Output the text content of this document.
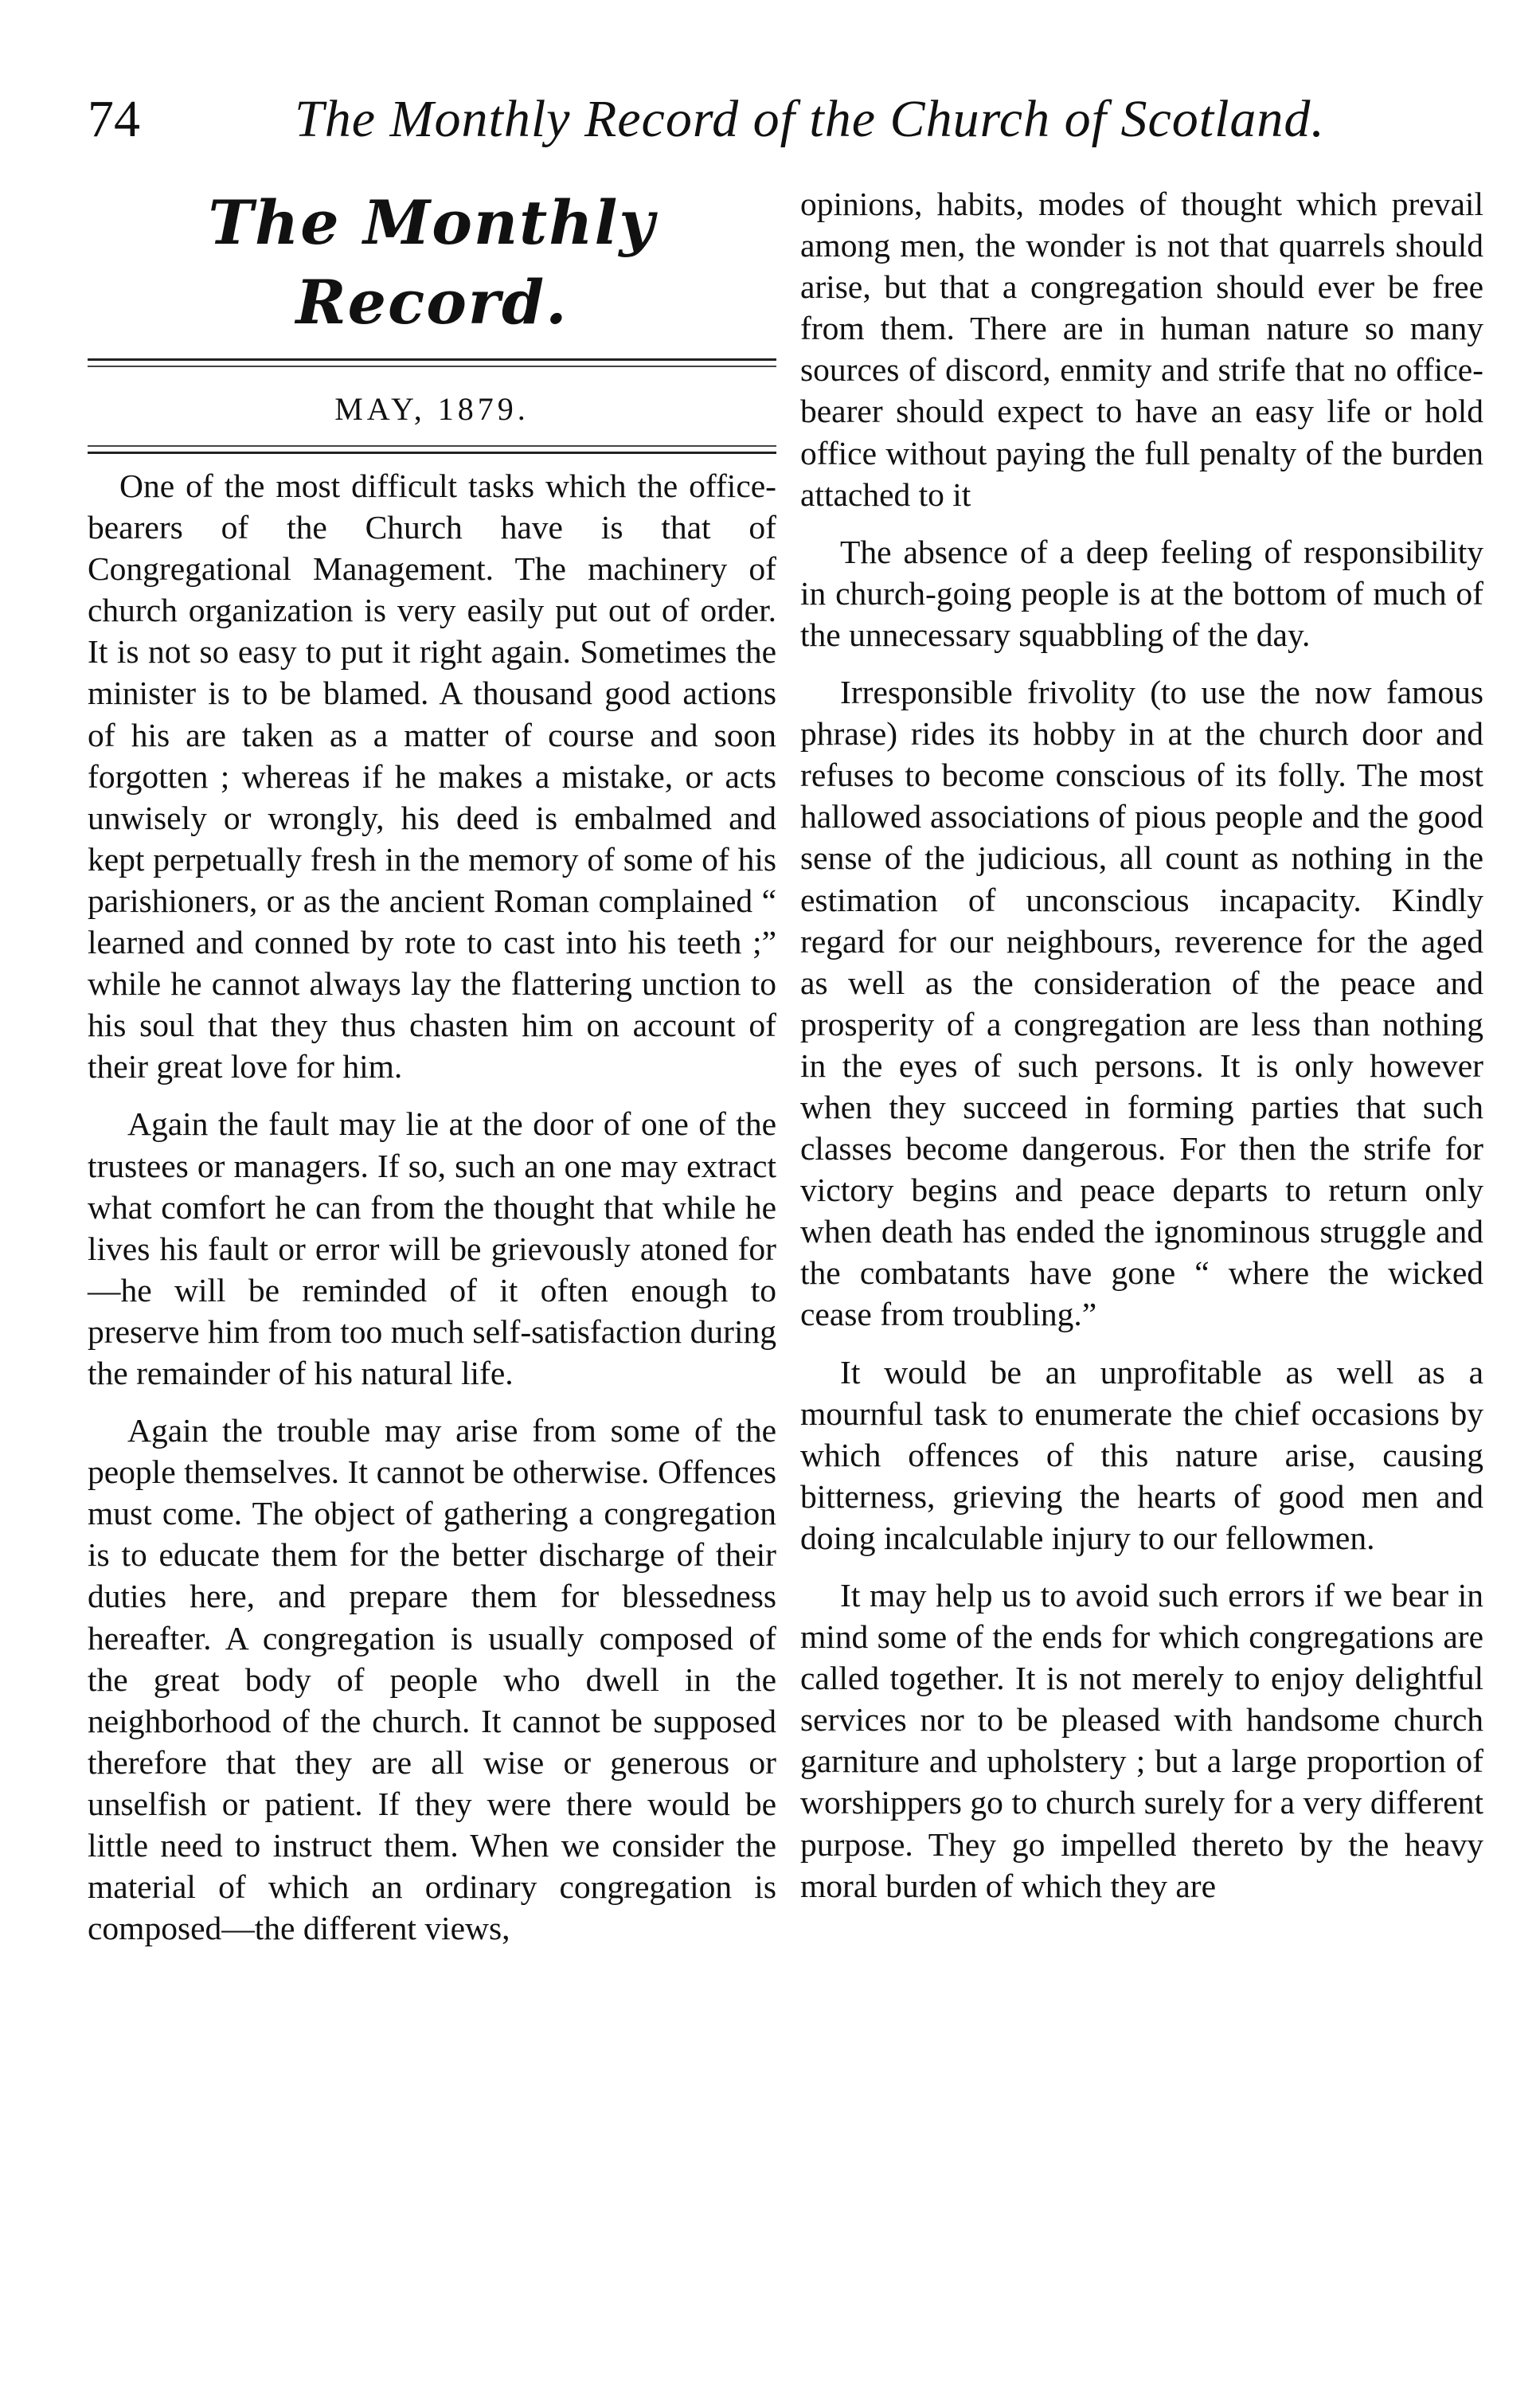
74	The Monthly Record of the Church of Scotland.
The Monthly Record.
MAY, 1879.

One of the most difficult tasks which the office-bearers of the Church have is that of Congregational Management. The machinery of church organization is very easily put out of order. It is not so easy to put it right again. Sometimes the minister is to be blamed. A thousand good actions of his are taken as a matter of course and soon forgotten ; whereas if he makes a mistake, or acts unwisely or wrongly, his deed is embalmed and kept perpetually fresh in the memory of some of his parishioners, or as the ancient Roman complained “ learned and conned by rote to cast into his teeth ;” while he cannot always lay the flattering unction to his soul that they thus chasten him on account of their great love for him.

Again the fault may lie at the door of one of the trustees or managers. If so, such an one may extract what comfort he can from the thought that while he lives his fault or error will be grievously atoned for—he will be reminded of it often enough to preserve him from too much self-satisfaction during the remainder of his natural life.

Again the trouble may arise from some of the people themselves. It cannot be otherwise. Offences must come. The object of gathering a congregation is to educate them for the better discharge of their duties here, and prepare them for blessedness hereafter. A congregation is usually composed of the great body of people who dwell in the neighborhood of the church. It cannot be supposed therefore that they are all wise or generous or unselfish or patient. If they were there would be little need to instruct them. When we consider the material of which an ordinary congregation is composed—the different views,

opinions, habits, modes of thought which prevail among men, the wonder is not that quarrels should arise, but that a congregation should ever be free from them. There are in human nature so many sources of discord, enmity and strife that no office-bearer should expect to have an easy life or hold office without paying the full penalty of the burden attached to it

The absence of a deep feeling of responsibility in church-going people is at the bottom of much of the unnecessary squabbling of the day.

Irresponsible frivolity (to use the now famous phrase) rides its hobby in at the church door and refuses to become conscious of its folly. The most hallowed associations of pious people and the good sense of the judicious, all count as nothing in the estimation of unconscious incapacity. Kindly regard for our neighbours, reverence for the aged as well as the consideration of the peace and prosperity of a congregation are less than nothing in the eyes of such persons. It is only however when they succeed in forming parties that such classes become dangerous. For then the strife for victory begins and peace departs to return only when death has ended the ignominous struggle and the combatants have gone “ where the wicked cease from troubling.”

It would be an unprofitable as well as a mournful task to enumerate the chief occasions by which offences of this nature arise, causing bitterness, grieving the hearts of good men and doing incalculable injury to our fellowmen.

It may help us to avoid such errors if we bear in mind some of the ends for which congregations are called together. It is not merely to enjoy delightful services nor to be pleased with handsome church garniture and upholstery ; but a large proportion of worshippers go to church surely for a very different purpose. They go impelled thereto by the heavy moral burden of which they are
